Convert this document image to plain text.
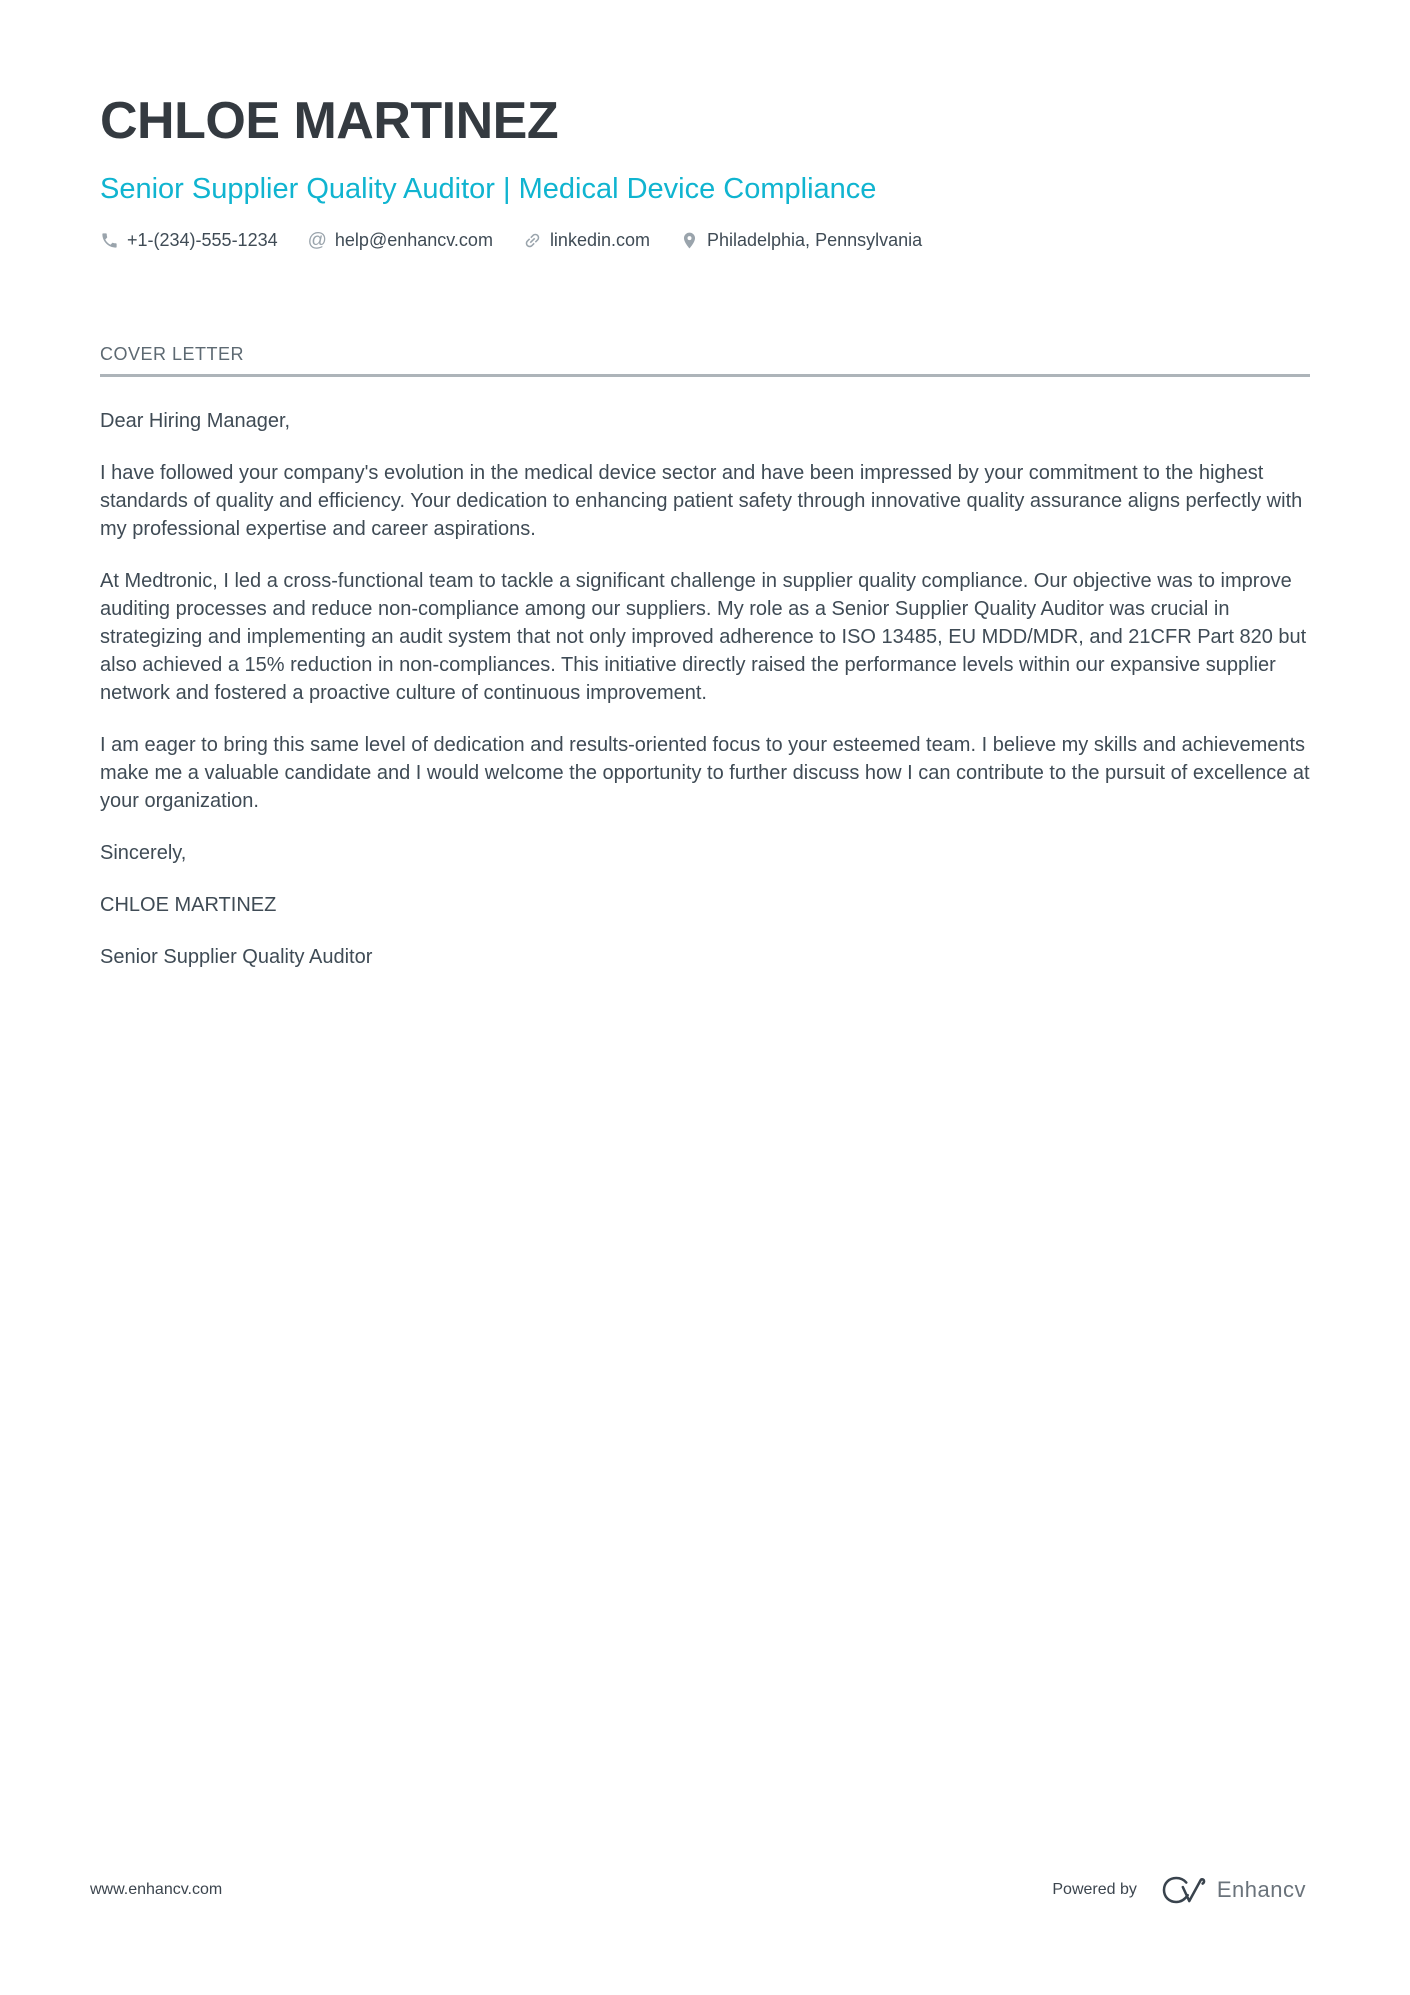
CHLOE MARTINEZ
Senior Supplier Quality Auditor | Medical Device Compliance
+1-(234)-555-1234 @ help@enhancv.com	linkedin.com	Philadelphia, Pennsylvania
COVER LETTER

Dear Hiring Manager,

I have followed your company's evolution in the medical device sector and have been impressed by your commitment to the highest standards of quality and efficiency. Your dedication to enhancing patient safety through innovative quality assurance aligns perfectly with my professional expertise and career aspirations.

At Medtronic, I led a cross-functional team to tackle a significant challenge in supplier quality compliance. Our objective was to improve auditing processes and reduce non-compliance among our suppliers. My role as a Senior Supplier Quality Auditor was crucial in strategizing and implementing an audit system that not only improved adherence to ISO 13485, EU MDD/MDR, and 21CFR Part 820 but also achieved a 15% reduction in non-compliances. This initiative directly raised the performance levels within our expansive supplier network and fostered a proactive culture of continuous improvement.

I am eager to bring this same level of dedication and results-oriented focus to your esteemed team. I believe my skills and achievements make me a valuable candidate and I would welcome the opportunity to further discuss how I can contribute to the pursuit of excellence at your organization.

Sincerely,

CHLOE MARTINEZ

Senior Supplier Quality Auditor

www.enhancv.com	Powered by	Enhancv
